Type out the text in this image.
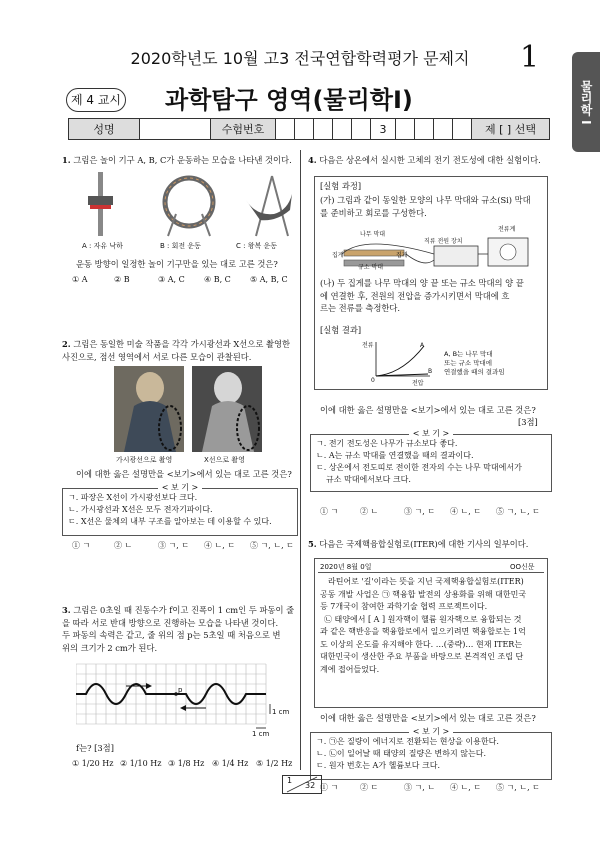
2020학년도 10월 고3 전국연합학력평가 문제지	1
물리학 I
제 4 교시 과학탐구 영역(물리학Ⅰ)
성명	수험번호	3	제 [ ] 선택
1. 그림은 놀이 기구 A, B, C가 운동하는 모습을 나타낸 것이다.
A : 자유 낙하	B : 회전 운동	C : 왕복 운동
운동 방향이 일정한 놀이 기구만을 있는 대로 고른 것은?
① A	② B	③ A, C ④ B, C ⑤ A, B, C
2. 그림은 동일한 미술 작품을 각각 가시광선과 X선으로 촬영한
사진으로, 점선 영역에서 서로 다른 모습이 관찰된다.
가시광선으로 촬영	X선으로 촬영
이에 대한 옳은 설명만을 <보기>에서 있는 대로 고른 것은?
< 보 기 >
ㄱ. 파장은 X선이 가시광선보다 크다.
ㄴ. 가시광선과 X선은 모두 전자기파이다.
ㄷ. X선은 물체의 내부 구조를 알아보는 데 이용할 수 있다.
① ㄱ	② ㄴ	③ ㄱ, ㄷ ④ ㄴ, ㄷ ⑤ ㄱ, ㄴ, ㄷ
3. 그림은 0초일 때 진동수가 f이고 진폭이 1 cm인 두 파동이 줄
을 따라 서로 반대 방향으로 진행하는 모습을 나타낸 것이다.
두 파동의 속력은 같고, 줄 위의 점 p는 5초일 때 처음으로 변
위의 크기가 2 cm가 된다.
p
1 cm
1 cm
f는? [3점]
① 1/20 Hz ② 1/10 Hz ③ 1/8 Hz ④ 1/4 Hz ⑤ 1/2 Hz
4. 다음은 상온에서 실시한 고체의 전기 전도성에 대한 실험이다.
[실험 과정]
(가) 그림과 같이 동일한 모양의 나무 막대와 규소(Si) 막대
를 준비하고 회로를 구성한다.
나무 막대
규소 막대
집게	집게
직류 전원 장치
전류계
(나) 두 집게를 나무 막대의 양 끝 또는 규소 막대의 양 끝
에 연결한 후, 전원의 전압을 증가시키면서 막대에 흐
르는 전류를 측정한다.
[실험 결과]
전류
전압
0
A
B
A, B는 나무 막대
또는 규소 막대에
연결했을 때의 결과임
이에 대한 옳은 설명만을 <보기>에서 있는 대로 고른 것은?
[3점]
< 보 기 >
ㄱ. 전기 전도성은 나무가 규소보다 좋다.
ㄴ. A는 규소 막대를 연결했을 때의 결과이다.
ㄷ. 상온에서 전도띠로 전이한 전자의 수는 나무 막대에서가
규소 막대에서보다 크다.
① ㄱ	② ㄴ	③ ㄱ, ㄷ ④ ㄴ, ㄷ ⑤ ㄱ, ㄴ, ㄷ
5. 다음은 국제핵융합실험로(ITER)에 대한 기사의 일부이다.
2020년 8월 0일	OO신문
라틴어로 '길'이라는 뜻을 지닌 국제핵융합실험로(ITER)
공동 개발 사업은 ㉠ 핵융합 발전의 상용화를 위해 대한민국
등 7개국이 참여한 과학기술 협력 프로젝트이다.
㉡ 태양에서 [ A ] 원자핵이 헬륨 원자핵으로 융합되는 것
과 같은 핵반응을 핵융합로에서 일으키려면 핵융합로는 1억
도 이상의 온도를 유지해야 한다. …(중략)… 현재 ITER는
대한민국이 생산한 주요 부품을 바탕으로 본격적인 조립 단
계에 접어들었다.
이에 대한 옳은 설명만을 <보기>에서 있는 대로 고른 것은?
< 보 기 >
ㄱ. ㉠은 질량이 에너지로 전환되는 현상을 이용한다.
ㄴ. ㉡이 일어날 때 태양의 질량은 변하지 않는다.
ㄷ. 원자 번호는 A가 헬륨보다 크다.
① ㄱ	② ㄷ	③ ㄱ, ㄴ ④ ㄴ, ㄷ ⑤ ㄱ, ㄴ, ㄷ
1
32
